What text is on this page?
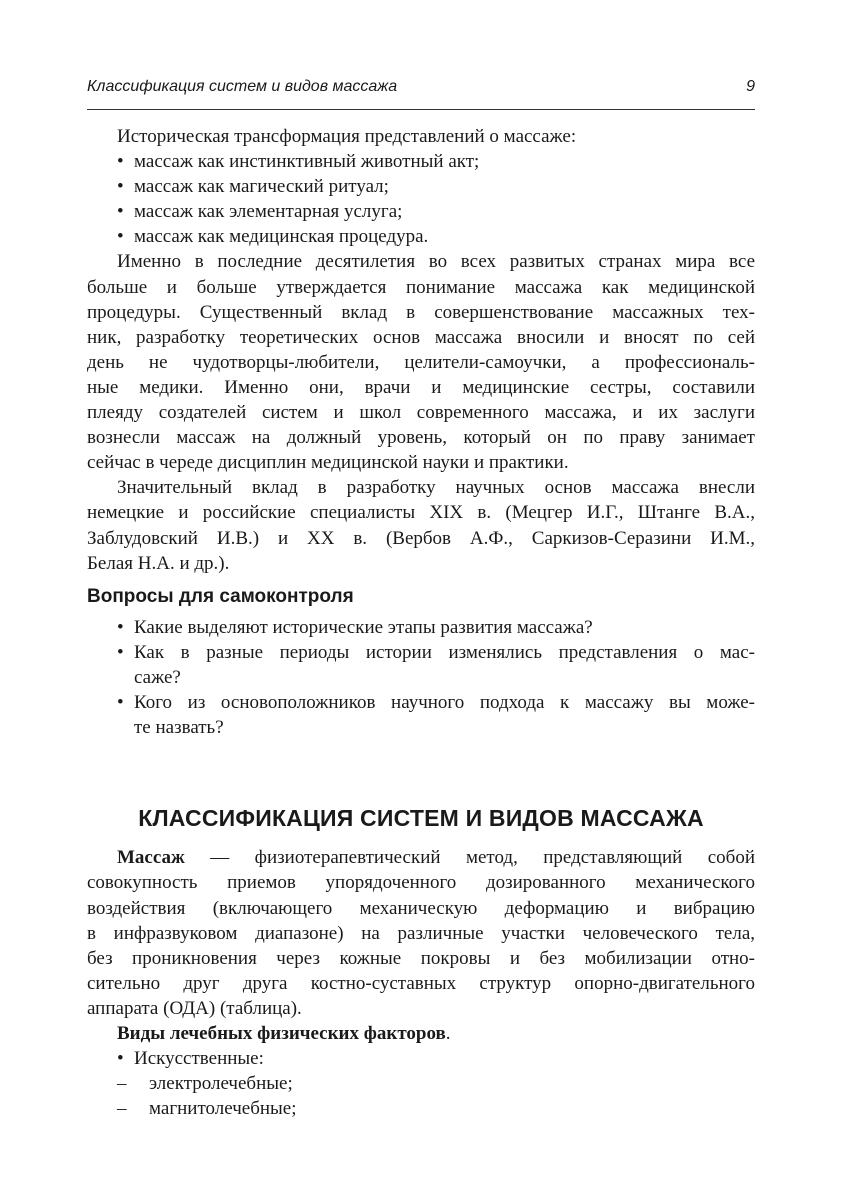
Классификация систем и видов массажа	9

Историческая трансформация представлений о массаже:

• массаж как инстинктивный животный акт;
• массаж как магический ритуал;
• массаж как элементарная услуга;
• массаж как медицинская процедура.
Именно в последние десятилетия во всех развитых странах мира все
больше и больше утверждается понимание массажа как медицинской
процедуры. Существенный вклад в совершенствование массажных тех-
ник, разработку теоретических основ массажа вносили и вносят по сей
день не чудотворцы-любители, целители-самоучки, а профессиональ-
ные медики. Именно они, врачи и медицинские сестры, составили
плеяду создателей систем и школ современного массажа, и их заслуги
вознесли массаж на должный уровень, который он по праву занимает
сейчас в череде дисциплин медицинской науки и практики.
Значительный вклад в разработку научных основ массажа внесли
немецкие и российские специалисты XIX в. (Мецгер И.Г., Штанге В.А.,
Заблудовский И.В.) и XX в. (Вербов А.Ф., Саркизов-Серазини И.М.,
Белая Н.А. и др.).

Вопросы для самоконтроля

• Какие выделяют исторические этапы развития массажа?
• Как в разные периоды истории изменялись представления о мас-
саже?
• Кого из основоположников научного подхода к массажу вы може-
те назвать?

КЛАССИФИКАЦИЯ СИСТЕМ И ВИДОВ МАССАЖА

Массаж — физиотерапевтический метод, представляющий собой
совокупность приемов упорядоченного дозированного механического
воздействия (включающего механическую деформацию и вибрацию
в инфразвуковом диапазоне) на различные участки человеческого тела,
без проникновения через кожные покровы и без мобилизации отно-
сительно друг друга костно-суставных структур опорно-двигательного
аппарата (ОДА) (таблица).

Виды лечебных физических факторов.

• Искусственные:
– электролечебные;
– магнитолечебные;
